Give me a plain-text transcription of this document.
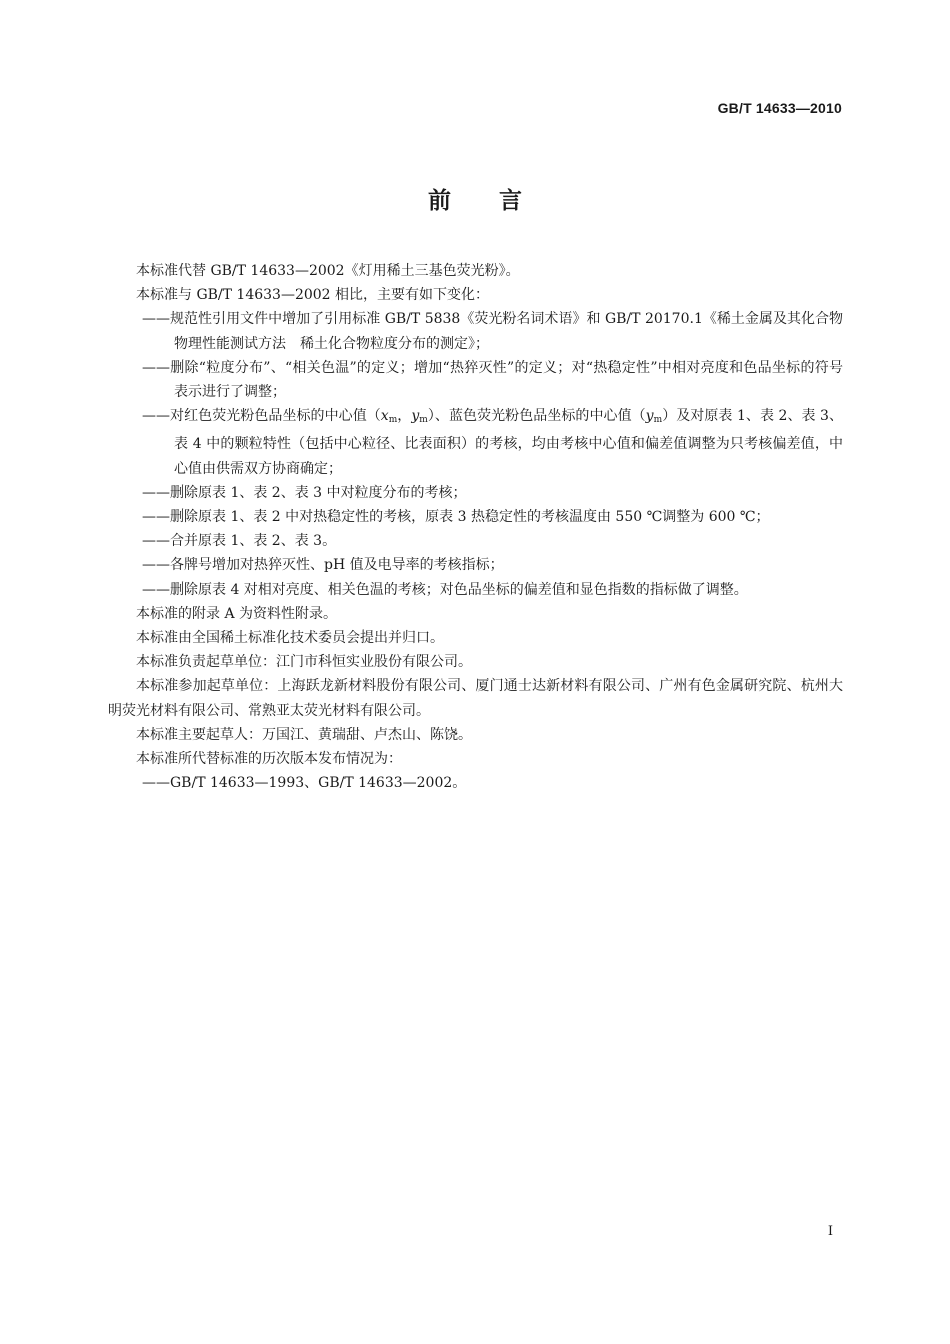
GB/T 14633—2010
前言

本标准代替 GB/T 14633—2002《灯用稀土三基色荧光粉》。

本标准与 GB/T 14633—2002 相比，主要有如下变化：

——规范性引用文件中增加了引用标准 GB/T 5838《荧光粉名词术语》和 GB/T 20170.1《稀土金属及其化合物物理性能测试方法　稀土化合物粒度分布的测定》；

——删除“粒度分布”、“相关色温”的定义；增加“热猝灭性”的定义；对“热稳定性”中相对亮度和色品坐标的符号表示进行了调整；

——对红色荧光粉色品坐标的中心值（$x_m$，$y_m$）、蓝色荧光粉色品坐标的中心值$(y_m)$及对原表 1、表 2、表 3、表 4 中的颗粒特性（包括中心粒径、比表面积）的考核，均由考核中心值和偏差值调整为只考核偏差值，中心值由供需双方协商确定；

——删除原表 1、表 2、表 3 中对粒度分布的考核；

——删除原表 1、表 2 中对热稳定性的考核，原表 3 热稳定性的考核温度由 550 ℃调整为 600 ℃；

——合并原表 1、表 2、表 3。

——各牌号增加对热猝灭性、pH 值及电导率的考核指标；

——删除原表 4 对相对亮度、相关色温的考核；对色品坐标的偏差值和显色指数的指标做了调整。

本标准的附录 A 为资料性附录。

本标准由全国稀土标准化技术委员会提出并归口。

本标准负责起草单位：江门市科恒实业股份有限公司。

本标准参加起草单位：上海跃龙新材料股份有限公司、厦门通士达新材料有限公司、广州有色金属研究院、杭州大明荧光材料有限公司、常熟亚太荧光材料有限公司。

本标准主要起草人：万国江、黄瑞甜、卢杰山、陈饶。

本标准所代替标准的历次版本发布情况为：

——GB/T 14633—1993、GB/T 14633—2002。

I
